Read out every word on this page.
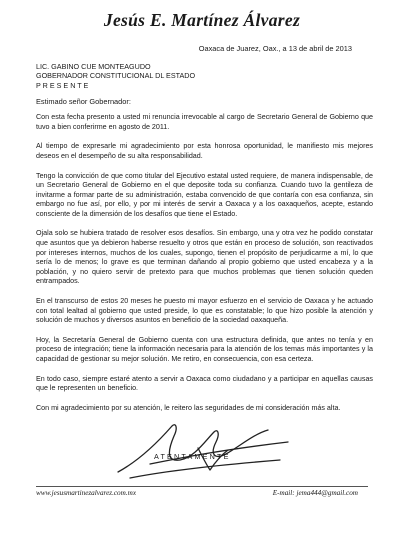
Jesús E. Martínez Álvarez
Oaxaca de Juarez, Oax., a 13 de abril de 2013
LIC. GABINO CUE MONTEAGUDO
GOBERNADOR CONSTITUCIONAL DL ESTADO
P R E S E N T E
Estimado señor Gobernador:

Con esta fecha presento a usted mi renuncia irrevocable al cargo de Secretario General de Gobierno que tuvo a bien conferirme en agosto de 2011.

Al tiempo de expresarle mi agradecimiento por esta honrosa oportunidad, le manifiesto mis mejores deseos en el desempeño de su alta responsabilidad.

Tengo la convicción de que como titular del Ejecutivo estatal usted requiere, de manera indispensable, de un Secretario General de Gobierno en el que deposite toda su confianza. Cuando tuvo la gentileza de invitarme a formar parte de su administración, estaba convencido de que contaría con esa confianza, sin embargo no fue así, por ello, y por mi interés de servir a Oaxaca y a los oaxaqueños, acepte, estando consciente de la dimensión de los desafíos que tiene el Estado.

Ojala solo se hubiera tratado de resolver esos desafíos. Sin embargo, una y otra vez he podido constatar que asuntos que ya debieron haberse resuelto y otros que están en proceso de solución, son reactivados por intereses internos, muchos de los cuales, supongo, tienen el propósito de perjudicarme a mí, lo que sería lo de menos; lo grave es que terminan dañando al propio gobierno que usted encabeza y a la población, y no quiero servir de pretexto para que muchos problemas que tienen solución queden entrampados.

En el transcurso de estos 20 meses he puesto mi mayor esfuerzo en el servicio de Oaxaca y he actuado con total lealtad al gobierno que usted preside, lo que es constatable; lo que hizo posible la atención y solución de muchos y diversos asuntos en beneficio de la sociedad oaxaqueña.

Hoy, la Secretaría General de Gobierno cuenta con una estructura definida, que antes no tenía y en proceso de integración; tiene la información necesaria para la atención de los temas más importantes y la capacidad de gestionar su mejor solución. Me retiro, en consecuencia, con esa certeza.

En todo caso, siempre estaré atento a servir a Oaxaca como ciudadano y a participar en aquellas causas que le representen un beneficio.

Con mi agradecimiento por su atención, le reitero las seguridades de mi consideración más alta.

ATENTAMENTE
www.jesusmartinezalvarez.com.mx	E-mail: jema444@gmail.com
